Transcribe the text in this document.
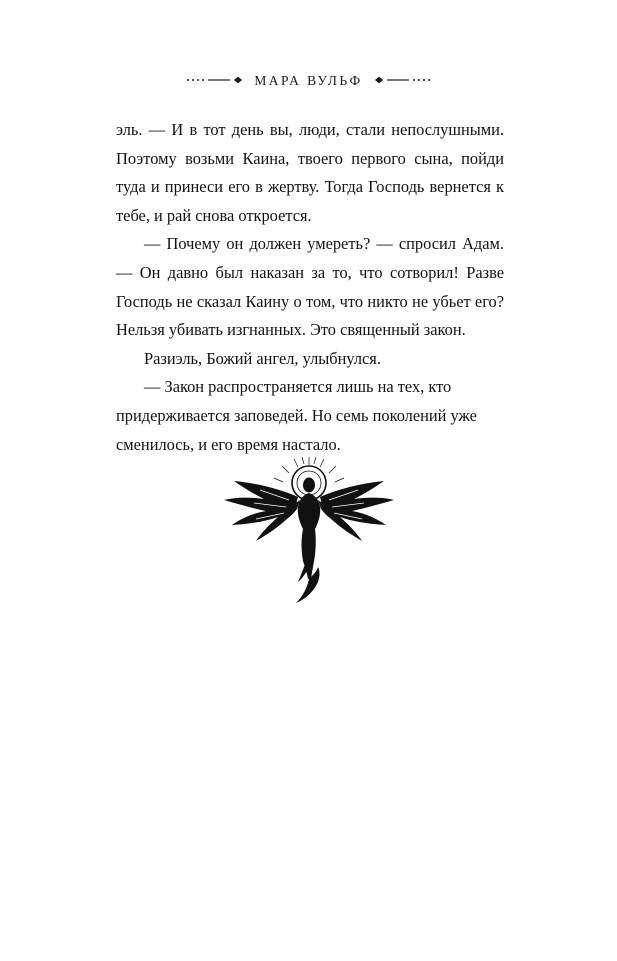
МАРА ВУЛЬФ

эль. — И в тот день вы, люди, стали непослушными. Поэтому возьми Каина, твоего первого сына, пойди туда и принеси его в жертву. Тогда Господь вернется к тебе, и рай снова откроется.

— Почему он должен умереть? — спросил Адам. — Он давно был наказан за то, что сотворил! Разве Господь не сказал Каину о том, что никто не убьет его? Нельзя убивать изгнанных. Это священный закон.

Разиэль, Божий ангел, улыбнулся.

— Закон распространяется лишь на тех, кто придерживается заповедей. Но семь поколений уже сменилось, и его время настало.
